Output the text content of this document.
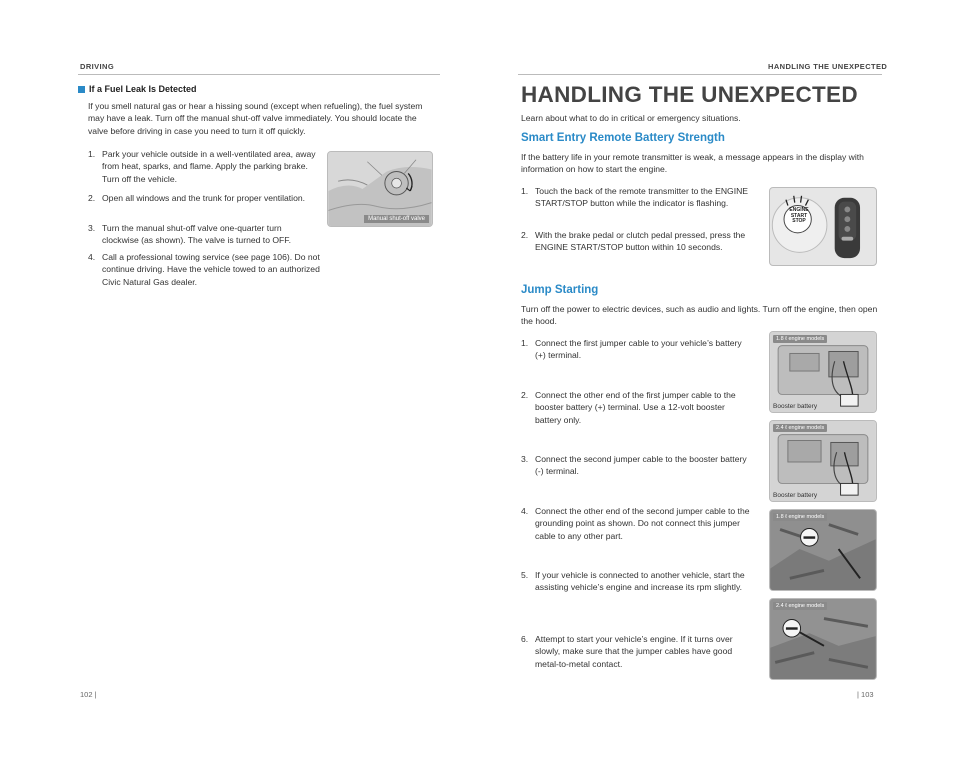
DRIVING
If a Fuel Leak Is Detected
If you smell natural gas or hear a hissing sound (except when refueling), the fuel system may have a leak. Turn off the manual shut-off valve immediately. You should locate the valve before driving in case you need to turn it off quickly.
1. Park your vehicle outside in a well-ventilated area, away from heat, sparks, and flame. Apply the parking brake. Turn off the vehicle.
2. Open all windows and the trunk for proper ventilation.
3. Turn the manual shut-off valve one-quarter turn clockwise (as shown). The valve is turned to OFF.
4. Call a professional towing service (see page 106). Do not continue driving. Have the vehicle towed to an authorized Civic Natural Gas dealer.
Manual shut-off valve
102 |
HANDLING THE UNEXPECTED
HANDLING THE UNEXPECTED
Learn about what to do in critical or emergency situations.
Smart Entry Remote Battery Strength
If the battery life in your remote transmitter is weak, a message appears in the display with information on how to start the engine.
1. Touch the back of the remote transmitter to the ENGINE START/STOP button while the indicator is flashing.
2. With the brake pedal or clutch pedal pressed, press the ENGINE START/STOP button within 10 seconds.
ENGINE
START
STOP
Jump Starting
Turn off the power to electric devices, such as audio and lights. Turn off the engine, then open the hood.
1. Connect the first jumper cable to your vehicle’s battery (+) terminal.
2. Connect the other end of the first jumper cable to the booster battery (+) terminal. Use a 12-volt booster battery only.
3. Connect the second jumper cable to the booster battery (-) terminal.
4. Connect the other end of the second jumper cable to the grounding point as shown. Do not connect this jumper cable to any other part.
5. If your vehicle is connected to another vehicle, start the assisting vehicle’s engine and increase its rpm slightly.
6. Attempt to start your vehicle’s engine. If it turns over slowly, make sure that the jumper cables have good metal-to-metal contact.
1.8 ℓ engine models
Booster battery
2.4 ℓ engine models
Booster battery
1.8 ℓ engine models
2.4 ℓ engine models
| 103
